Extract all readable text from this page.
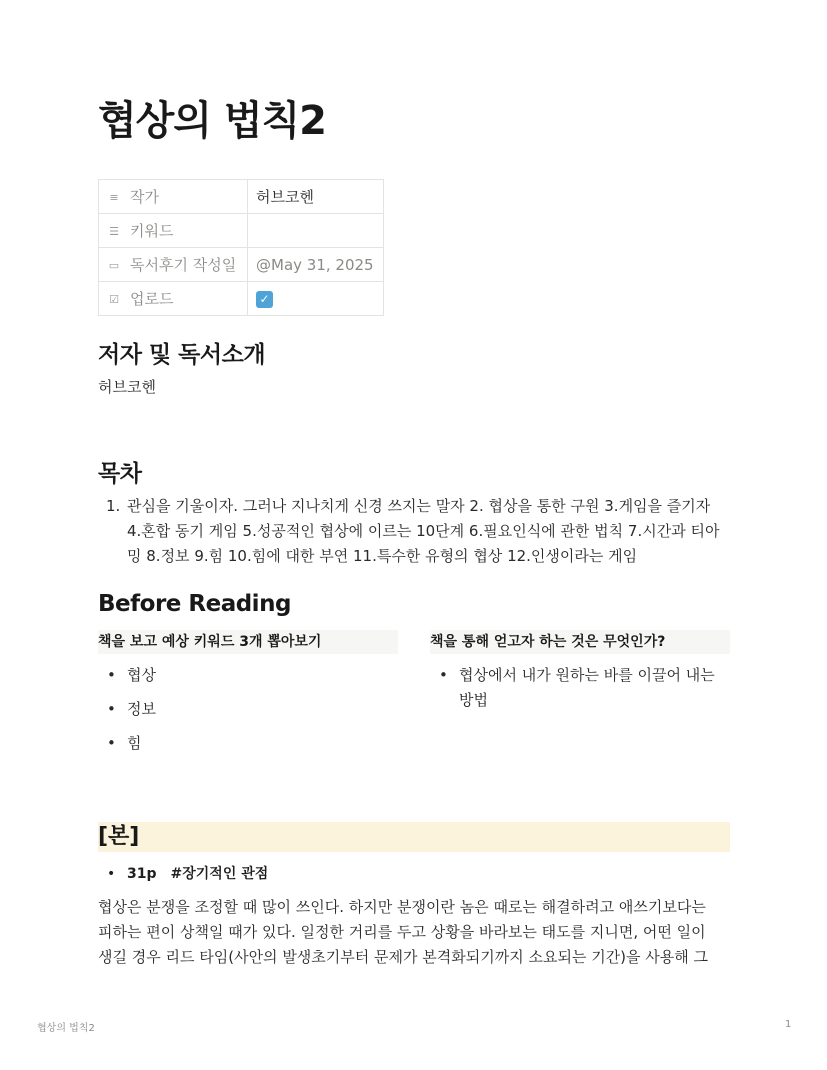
협상의 법칙2
≡ 작가	허브코헨
☰ 키워드	
▭ 독서후기 작성일	@May 31, 2025
☑ 업로드	✓
저자 및 독서소개
허브코헨
목차
1. 관심을 기울이자. 그러나 지나치게 신경 쓰지는 말자 2. 협상을 통한 구원 3.게임을 즐기자
4.혼합 동기 게임 5.성공적인 협상에 이르는 10단계 6.필요인식에 관한 법칙 7.시간과 티아
밍 8.정보 9.힘 10.힘에 대한 부연 11.특수한 유형의 협상 12.인생이라는 게임
Before Reading
책을 보고 예상 키워드 3개 뽑아보기
• 협상
• 정보
• 힘
책을 통해 얻고자 하는 것은 무엇인가?
• 협상에서 내가 원하는 바를 이끌어 내는 방법
[본]
• 31p #장기적인 관점
협상은 분쟁을 조정할 때 많이 쓰인다. 하지만 분쟁이란 놈은 때로는 해결하려고 애쓰기보다는
피하는 편이 상책일 때가 있다. 일정한 거리를 두고 상황을 바라보는 태도를 지니면, 어떤 일이
생길 경우 리드 타임(사안의 발생초기부터 문제가 본격화되기까지 소요되는 기간)을 사용해 그
협상의 법칙2	1
